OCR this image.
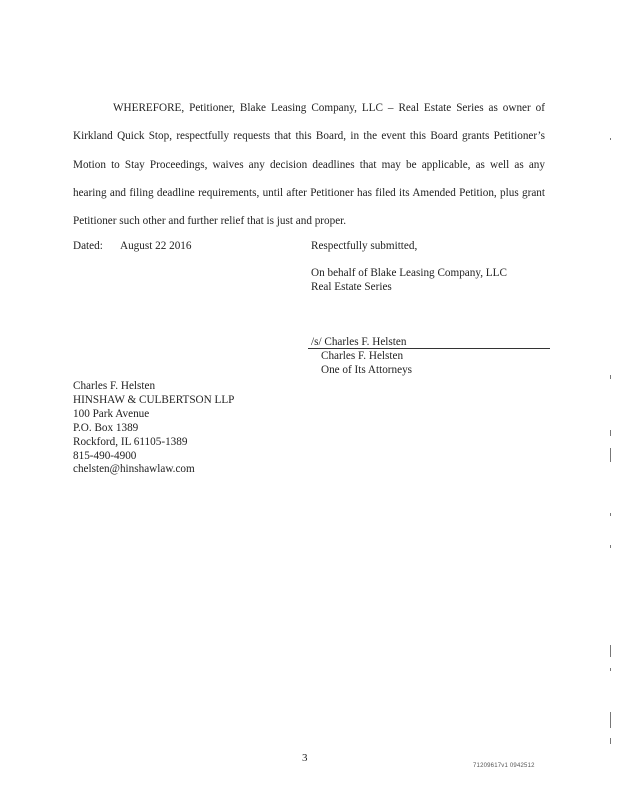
WHEREFORE, Petitioner, Blake Leasing Company, LLC – Real Estate Series as owner of Kirkland Quick Stop, respectfully requests that this Board, in the event this Board grants Petitioner’s Motion to Stay Proceedings, waives any decision deadlines that may be applicable, as well as any hearing and filing deadline requirements, until after Petitioner has filed its Amended Petition, plus grant Petitioner such other and further relief that is just and proper.

Dated: August 22 2016	Respectfully submitted,
On behalf of Blake Leasing Company, LLC
Real Estate Series
/s/ Charles F. Helsten
Charles F. Helsten
One of Its Attorneys
Charles F. Helsten
HINSHAW & CULBERTSON LLP
100 Park Avenue
P.O. Box 1389
Rockford, IL 61105-1389
815-490-4900
chelsten@hinshawlaw.com
3
71209617v1 0942512
